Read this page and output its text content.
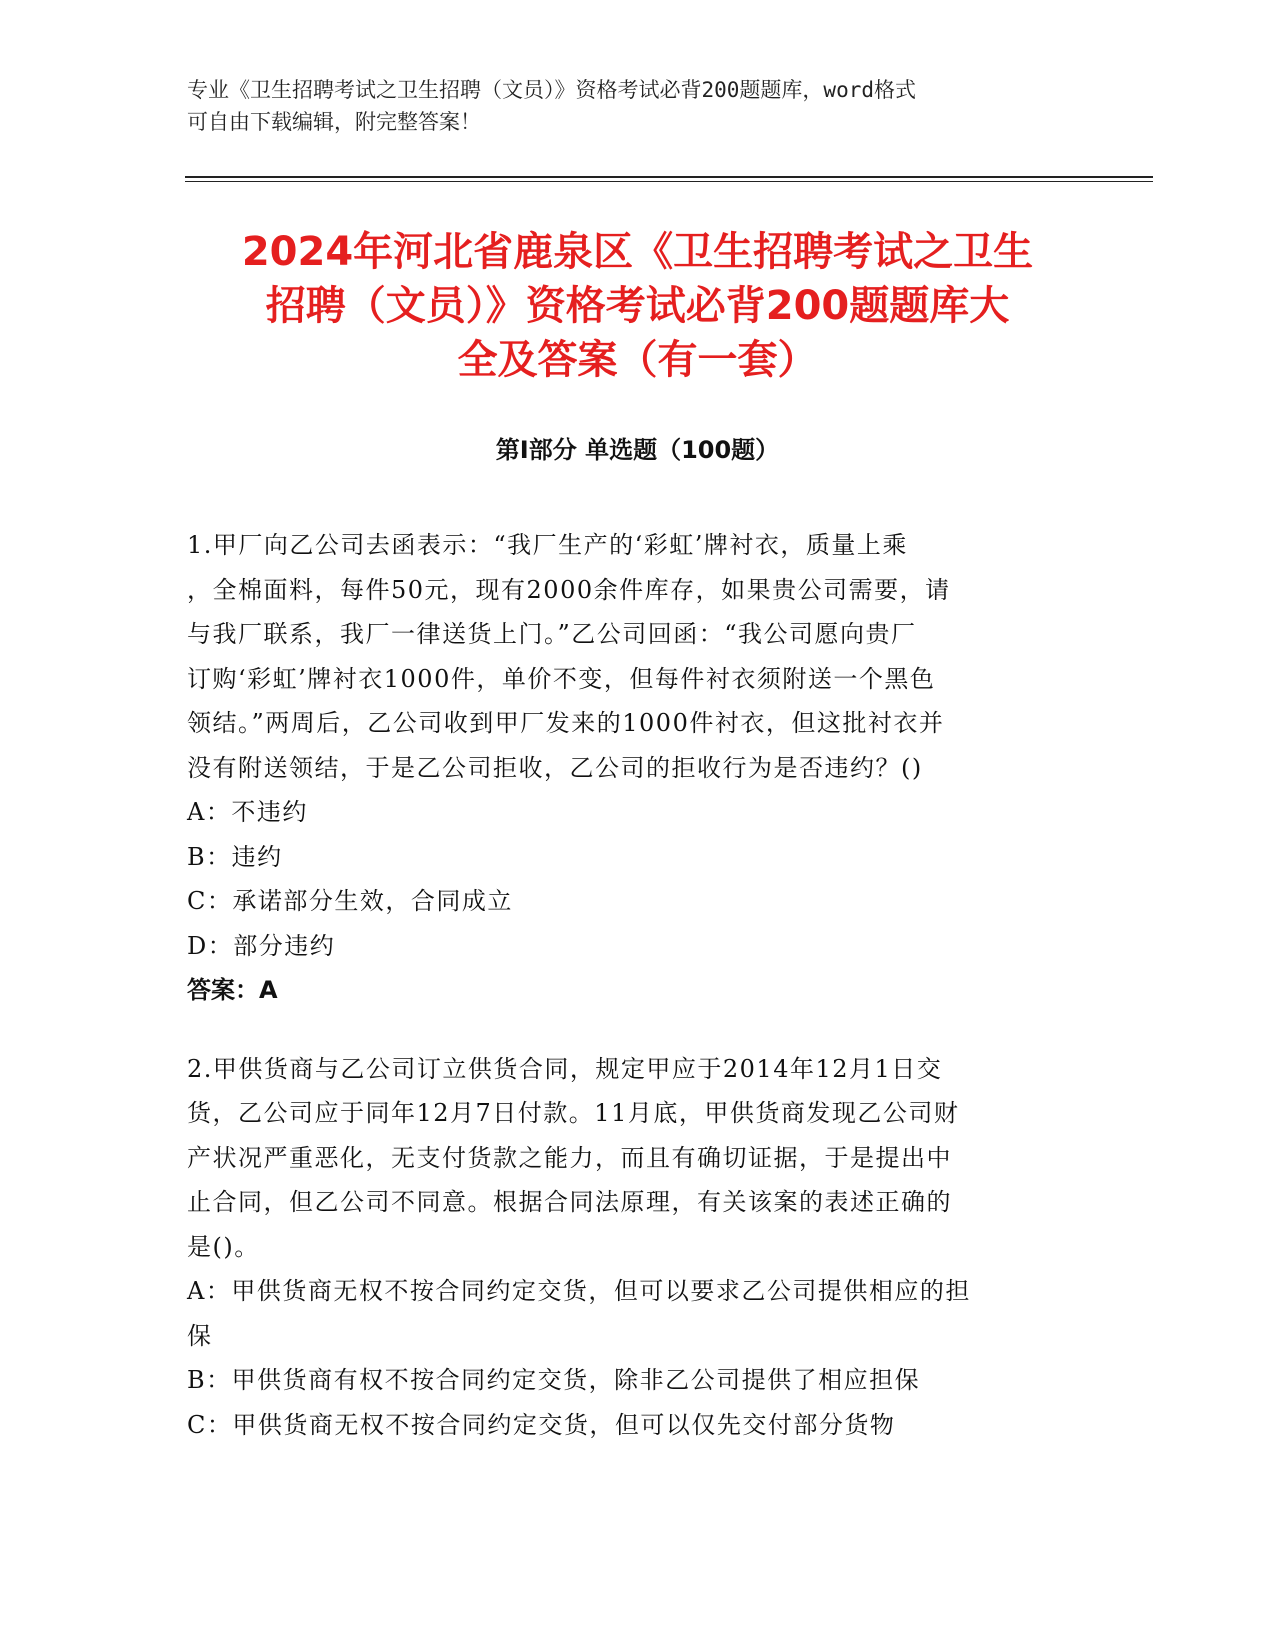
专业《卫生招聘考试之卫生招聘（文员）》资格考试必背200题题库，word格式
可自由下载编辑，附完整答案！
2024年河北省鹿泉区《卫生招聘考试之卫生
招聘（文员）》资格考试必背200题题库大
全及答案（有一套）
第Ⅰ部分 单选题（100题）
1.甲厂向乙公司去函表示：“我厂生产的‘彩虹’牌衬衣，质量上乘
，全棉面料，每件50元，现有2000余件库存，如果贵公司需要，请
与我厂联系，我厂一律送货上门。”乙公司回函：“我公司愿向贵厂
订购‘彩虹’牌衬衣1000件，单价不变，但每件衬衣须附送一个黑色
领结。”两周后，乙公司收到甲厂发来的1000件衬衣，但这批衬衣并
没有附送领结，于是乙公司拒收，乙公司的拒收行为是否违约？()
A：不违约
B：违约
C：承诺部分生效，合同成立
D：部分违约
答案：A
2.甲供货商与乙公司订立供货合同，规定甲应于2014年12月1日交
货，乙公司应于同年12月7日付款。11月底，甲供货商发现乙公司财
产状况严重恶化，无支付货款之能力，而且有确切证据，于是提出中
止合同，但乙公司不同意。根据合同法原理，有关该案的表述正确的
是()。
A：甲供货商无权不按合同约定交货，但可以要求乙公司提供相应的担
保
B：甲供货商有权不按合同约定交货，除非乙公司提供了相应担保
C：甲供货商无权不按合同约定交货，但可以仅先交付部分货物
